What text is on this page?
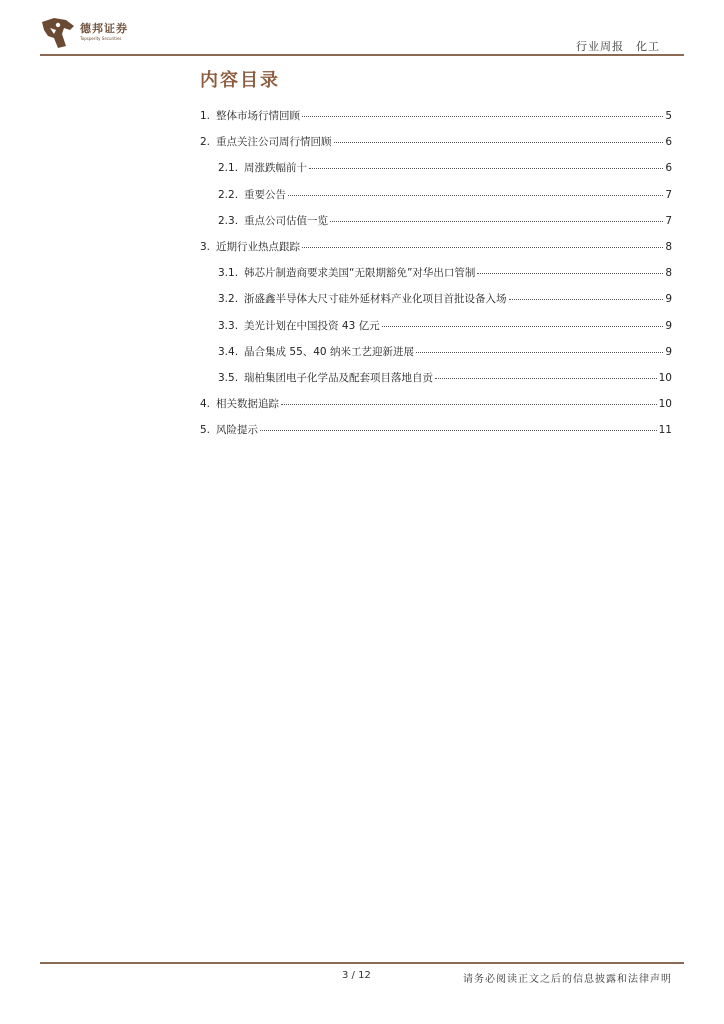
德邦证券
Topsperity Securities
行业周报　化工
内容目录
1. 整体市场行情回顾	5
2. 重点关注公司周行情回顾	6
2.1. 周涨跌幅前十	6
2.2. 重要公告	7
2.3. 重点公司估值一览	7
3. 近期行业热点跟踪	8
3.1. 韩芯片制造商要求美国“无限期豁免”对华出口管制	8
3.2. 浙盛鑫半导体大尺寸硅外延材料产业化项目首批设备入场	9
3.3. 美光计划在中国投资 43 亿元	9
3.4. 晶合集成 55、40 纳米工艺迎新进展	9
3.5. 瑞柏集团电子化学品及配套项目落地自贡	10
4. 相关数据追踪	10
5. 风险提示	11
3 / 12	请务必阅读正文之后的信息披露和法律声明
